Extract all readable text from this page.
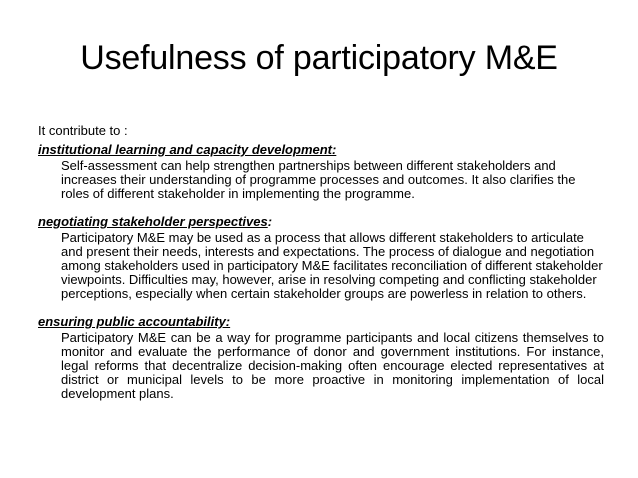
Usefulness of participatory M&E

It contribute to :

institutional learning and capacity development:

Self-assessment can help strengthen partnerships between different stakeholders and increases their understanding of programme processes and outcomes. It also clarifies the roles of different stakeholder in implementing the programme.

negotiating stakeholder perspectives:

Participatory M&E may be used as a process that allows different stakeholders to articulate and present their needs, interests and expectations. The process of dialogue and negotiation among stakeholders used in participatory M&E facilitates reconciliation of different stakeholder viewpoints. Difficulties may, however, arise in resolving competing and conflicting stakeholder perceptions, especially when certain stakeholder groups are powerless in relation to others.

ensuring public accountability:

Participatory M&E can be a way for programme participants and local citizens themselves to monitor and evaluate the performance of donor and government institutions. For instance, legal reforms that decentralize decision-making often encourage elected representatives at district or municipal levels to be more proactive in monitoring implementation of local development plans.
